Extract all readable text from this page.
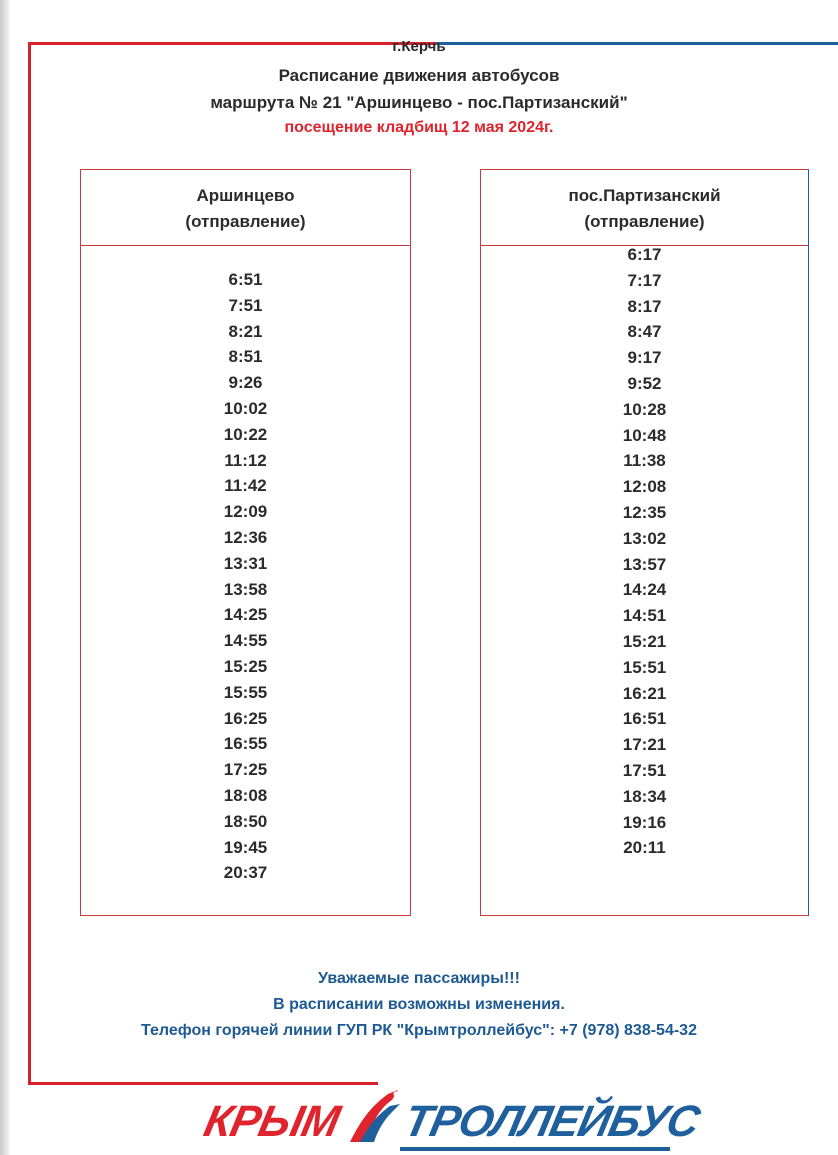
г.Керчь
Расписание движения автобусов
маршрута № 21 "Аршинцево - пос.Партизанский"
посещение кладбищ 12 мая 2024г.
Аршинцево
(отправление)
6:51
7:51
8:21
8:51
9:26
10:02
10:22
11:12
11:42
12:09
12:36
13:31
13:58
14:25
14:55
15:25
15:55
16:25
16:55
17:25
18:08
18:50
19:45
20:37
пос.Партизанский
(отправление)
6:17
7:17
8:17
8:47
9:17
9:52
10:28
10:48
11:38
12:08
12:35
13:02
13:57
14:24
14:51
15:21
15:51
16:21
16:51
17:21
17:51
18:34
19:16
20:11
Уважаемые пассажиры!!!
В расписании возможны изменения.
Телефон горячей линии ГУП РК "Крымтроллейбус": +7 (978) 838-54-32
КРЫМ ТРОЛЛЕЙБУС
